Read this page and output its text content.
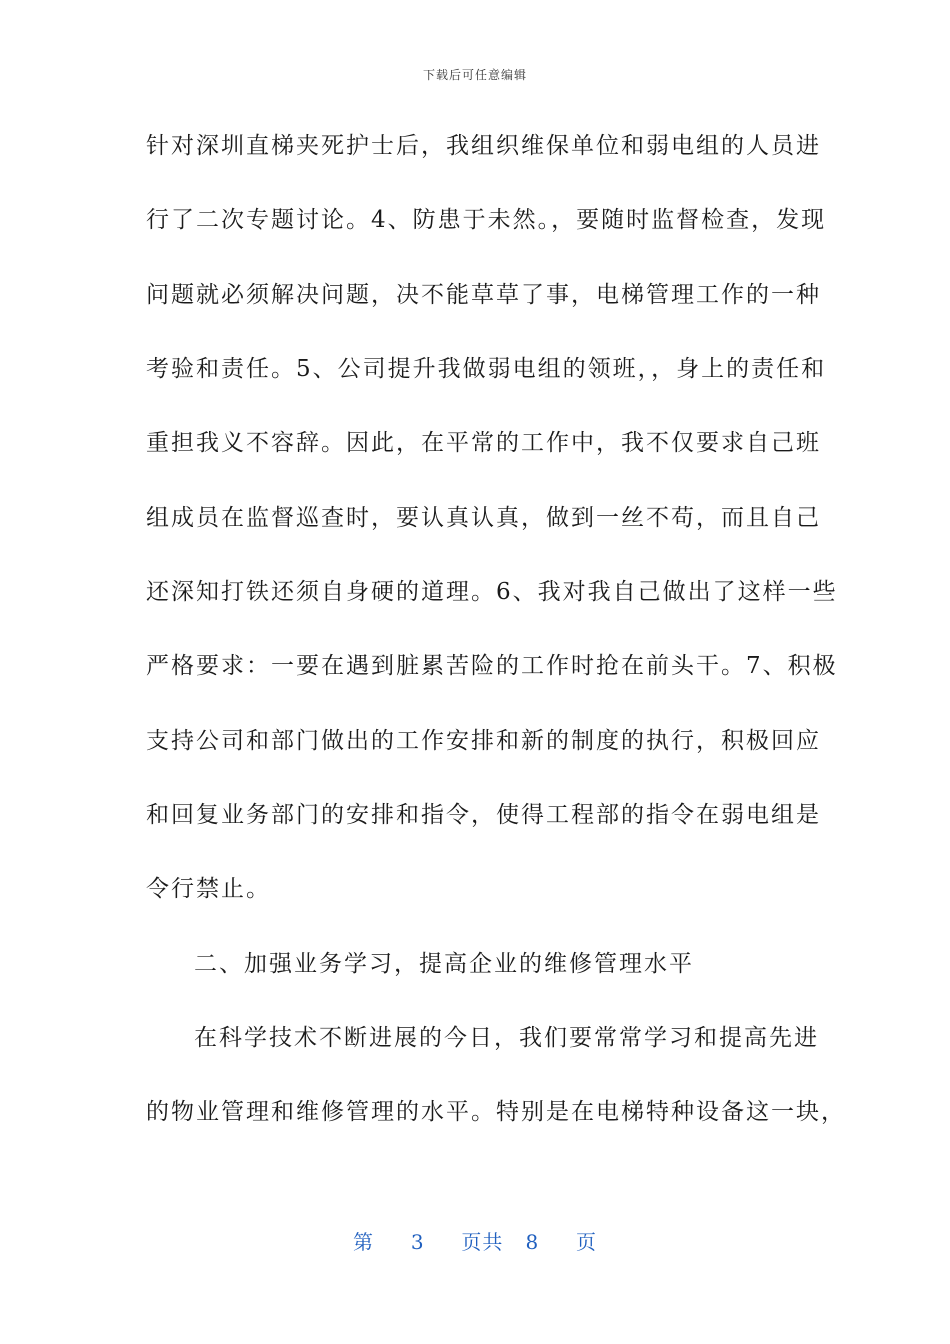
下载后可任意编辑
针对深圳直梯夹死护士后，我组织维保单位和弱电组的人员进
行了二次专题讨论。4、防患于未然。，要随时监督检查，发现
问题就必须解决问题，决不能草草了事，电梯管理工作的一种
考验和责任。5、公司提升我做弱电组的领班，，身上的责任和
重担我义不容辞。因此，在平常的工作中，我不仅要求自己班
组成员在监督巡查时，要认真认真，做到一丝不苟，而且自己
还深知打铁还须自身硬的道理。6、我对我自己做出了这样一些
严格要求：一要在遇到脏累苦险的工作时抢在前头干。7、积极
支持公司和部门做出的工作安排和新的制度的执行，积极回应
和回复业务部门的安排和指令，使得工程部的指令在弱电组是
令行禁止。
二、加强业务学习，提高企业的维修管理水平
在科学技术不断进展的今日，我们要常常学习和提高先进
的物业管理和维修管理的水平。特别是在电梯特种设备这一块，
第 3 页共 8 页
